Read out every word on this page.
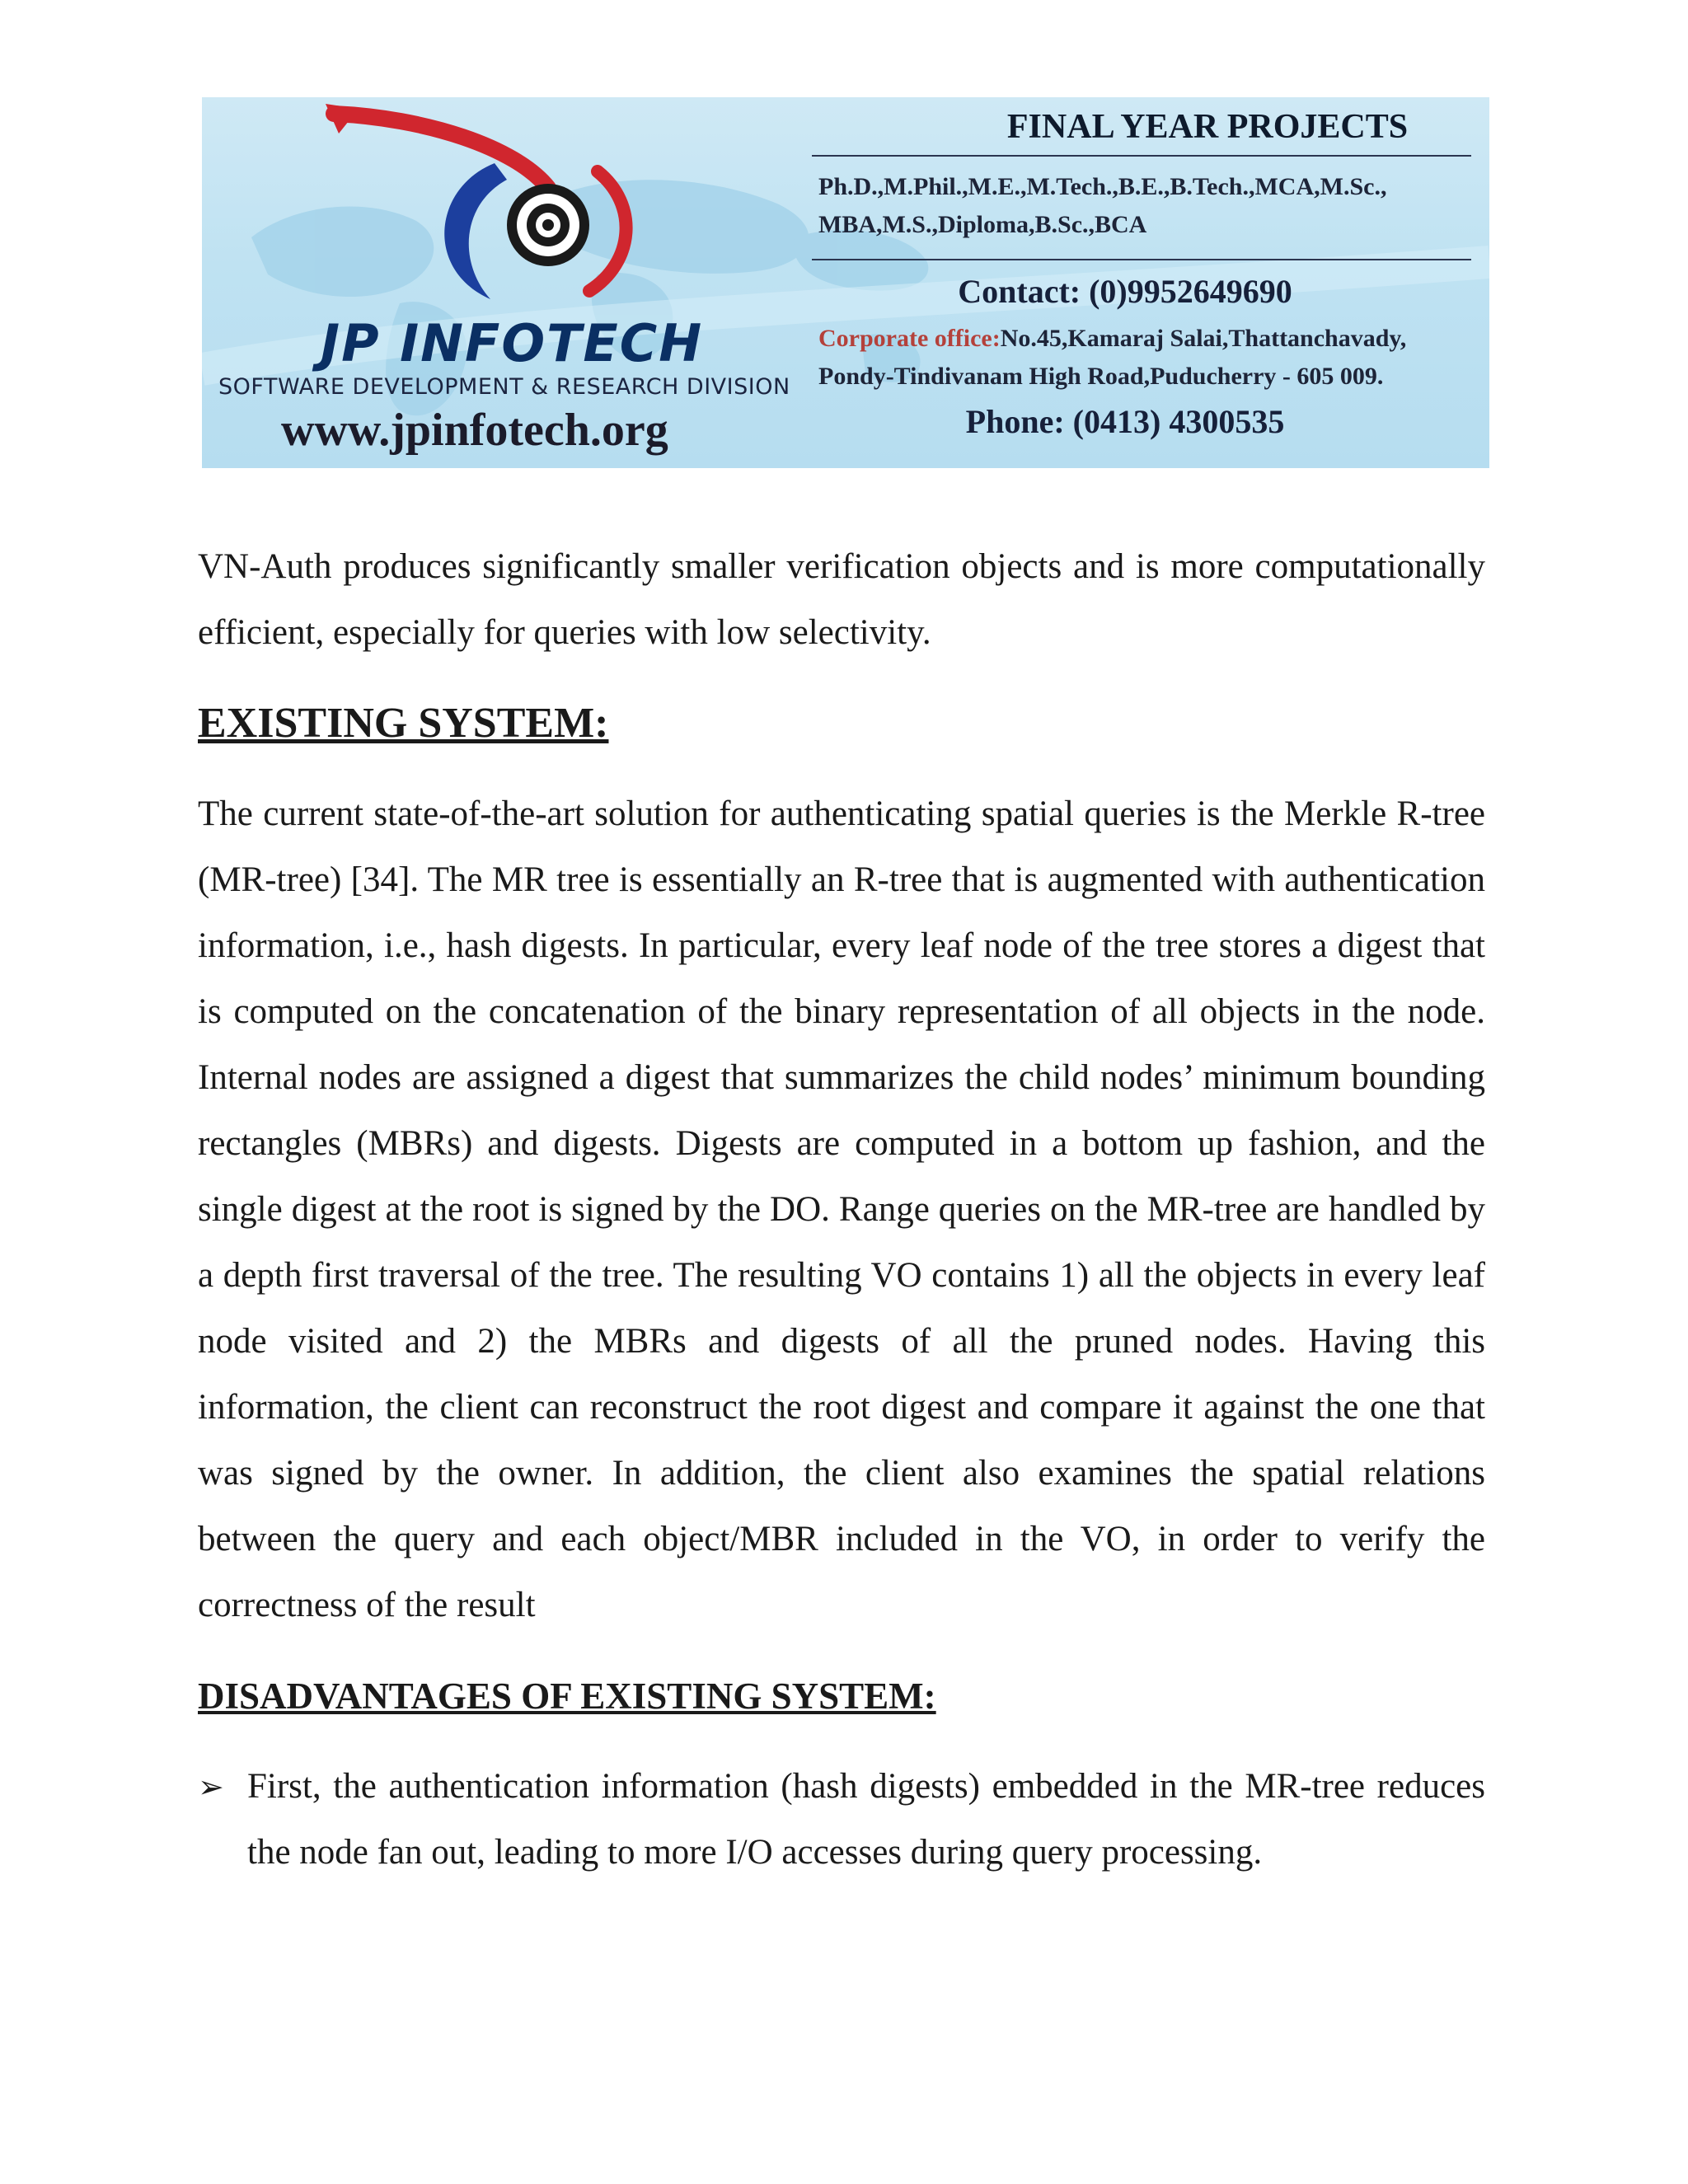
JP INFOTECH
SOFTWARE DEVELOPMENT & RESEARCH DIVISION
www.jpinfotech.org
FINAL YEAR PROJECTS
Ph.D.,M.Phil.,M.E.,M.Tech.,B.E.,B.Tech.,MCA,M.Sc.,
MBA,M.S.,Diploma,B.Sc.,BCA
Contact: (0)9952649690
Corporate office:No.45,Kamaraj Salai,Thattanchavady,
Pondy-Tindivanam High Road,Puducherry - 605 009.
Phone: (0413) 4300535

VN-Auth produces significantly smaller verification objects and is more computationally efficient, especially for queries with low selectivity.

EXISTING SYSTEM:

The current state-of-the-art solution for authenticating spatial queries is the Merkle R-tree (MR-tree) [34]. The MR tree is essentially an R-tree that is augmented with authentication information, i.e., hash digests. In particular, every leaf node of the tree stores a digest that is computed on the concatenation of the binary representation of all objects in the node. Internal nodes are assigned a digest that summarizes the child nodes’ minimum bounding rectangles (MBRs) and digests. Digests are computed in a bottom up fashion, and the single digest at the root is signed by the DO. Range queries on the MR-tree are handled by a depth first traversal of the tree. The resulting VO contains 1) all the objects in every leaf node visited and 2) the MBRs and digests of all the pruned nodes. Having this information, the client can reconstruct the root digest and compare it against the one that was signed by the owner. In addition, the client also examines the spatial relations between the query and each object/MBR included in the VO, in order to verify the correctness of the result

DISADVANTAGES OF EXISTING SYSTEM:
➢ First, the authentication information (hash digests) embedded in the MR-tree reduces the node fan out, leading to more I/O accesses during query processing.
